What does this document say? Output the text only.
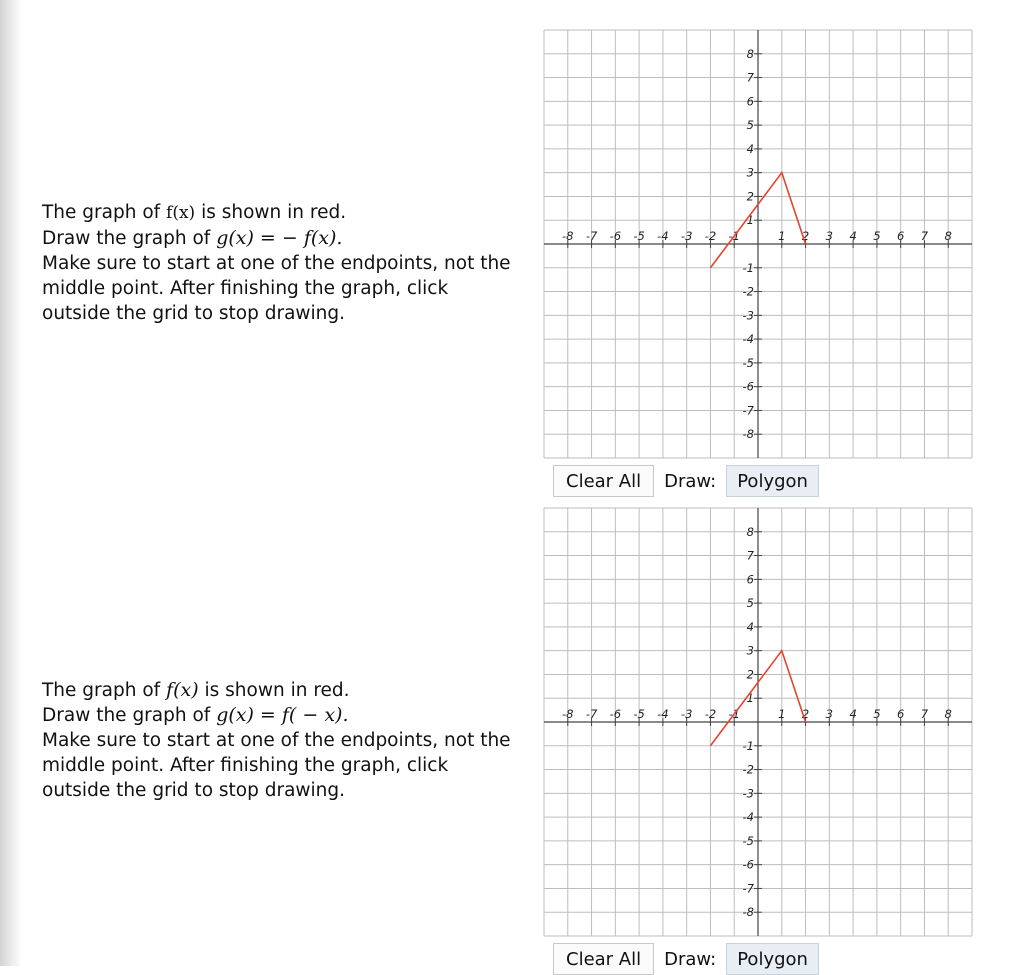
The graph of f(x) is shown in red.

Draw the graph of g(x) = − f(x).

Make sure to start at one of the endpoints, not the

middle point. After finishing the graph, click

outside the grid to stop drawing.

-8 -7 -6 -5 -4 -3 -2 -1	1 2 3 4 5 6 7 8
8
7
6
5
4
3
2
1
-1
-2
-3
-4
-5
-6
-7
-8
Clear All	Draw:	Polygon

The graph of f(x) is shown in red.

Draw the graph of g(x) = f( − x).

Make sure to start at one of the endpoints, not the

middle point. After finishing the graph, click

outside the grid to stop drawing.

-8 -7 -6 -5 -4 -3 -2 -1	1 2 3 4 5 6 7 8
8
7
6
5
4
3
2
1
-1
-2
-3
-4
-5
-6
-7
-8
Clear All	Draw:	Polygon
